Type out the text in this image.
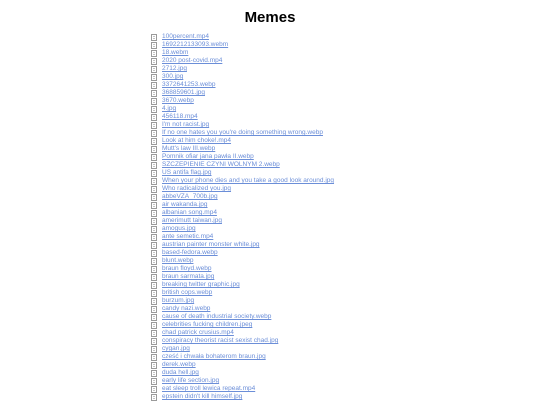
Memes
100percent.mp4
1692212133093.webm
18.webm
2020 post-covid.mp4
2712.jpg
300.jpg
3372641253.webp
368859601.jpg
3670.webp
4.jpg
456118.mp4
I'm not racist.jpg
If no one hates you you're doing something wrong.webp
Look at him choke!.mp4
Mutt's law III.webp
Pomnik ofiar jana pawła II.webp
SZCZEPIENIE CZYNI WOLNYM 2.webp
US antifa flag.jpg
When your phone dies and you take a good look around.jpg
Who radicalized you.jpg
abbeVZA_700b.jpg
air wakanda.jpg
albanian song.mp4
amerimutt taiwan.jpg
amogus.jpg
ante semetic.mp4
austrian painter monster white.jpg
based-fedora.webp
blunt.webp
braun floyd.webp
braun sarmata.jpg
breaking twitter graphic.jpg
british cops.webp
burzum.jpg
candy nazi.webp
cause of death industrial society.webp
celebrities fucking children.jpeg
chad patrick crusius.mp4
conspiracy theorist racist sexist chad.jpg
cygan.jpg
cześć i chwała bohaterom braun.jpg
derek.webp
duda hell.jpg
early life section.jpg
eat sleep troll lewica repeat.mp4
epstein didn't kill himself.jpg
